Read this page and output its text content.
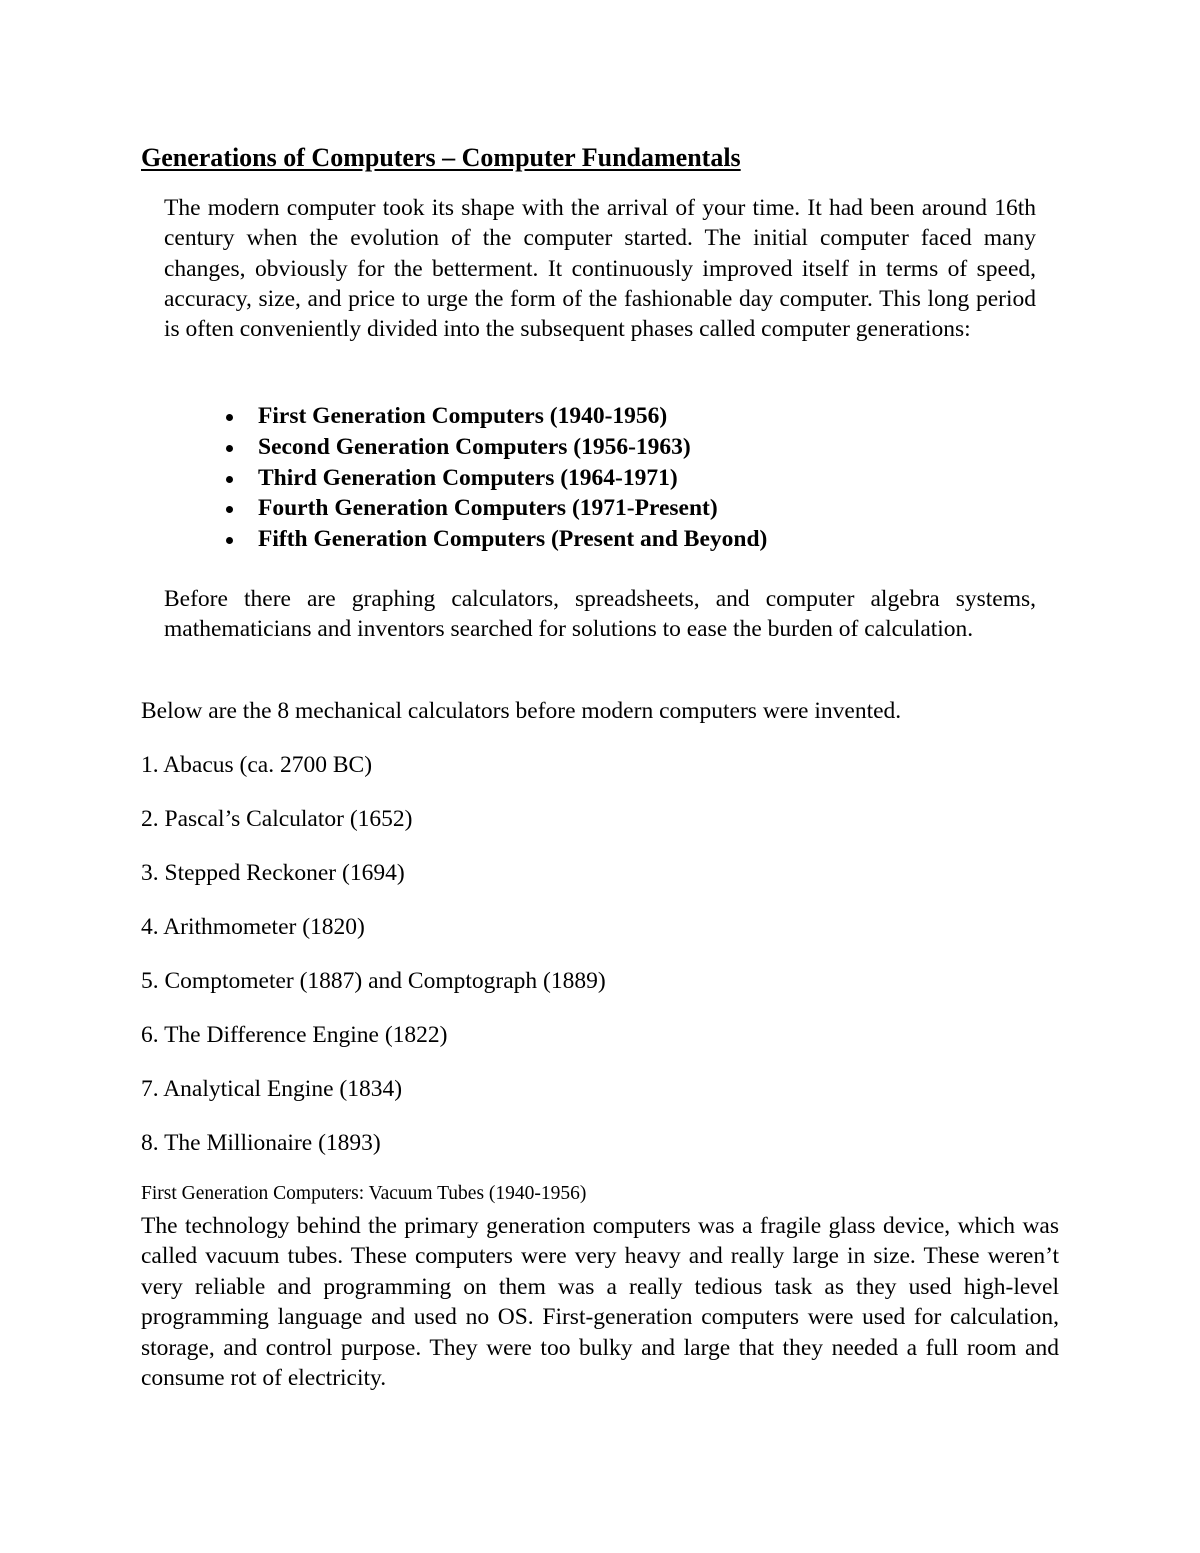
Generations of Computers – Computer Fundamentals
The modern computer took its shape with the arrival of your time. It had been around 16th century when the evolution of the computer started. The initial computer faced many changes, obviously for the betterment. It continuously improved itself in terms of speed, accuracy, size, and price to urge the form of the fashionable day computer. This long period is often conveniently divided into the subsequent phases called computer generations:
First Generation Computers (1940-1956)
Second Generation Computers (1956-1963)
Third Generation Computers (1964-1971)
Fourth Generation Computers (1971-Present)
Fifth Generation Computers (Present and Beyond)
Before there are graphing calculators, spreadsheets, and computer algebra systems, mathematicians and inventors searched for solutions to ease the burden of calculation.
Below are the 8 mechanical calculators before modern computers were invented.
1. Abacus (ca. 2700 BC)
2. Pascal’s Calculator (1652)
3. Stepped Reckoner (1694)
4. Arithmometer (1820)
5. Comptometer (1887) and Comptograph (1889)
6. The Difference Engine (1822)
7. Analytical Engine (1834)
8. The Millionaire (1893)
First Generation Computers: Vacuum Tubes (1940-1956)
The technology behind the primary generation computers was a fragile glass device, which was called vacuum tubes. These computers were very heavy and really large in size. These weren’t very reliable and programming on them was a really tedious task as they used high-level programming language and used no OS. First-generation computers were used for calculation, storage, and control purpose. They were too bulky and large that they needed a full room and consume rot of electricity.
